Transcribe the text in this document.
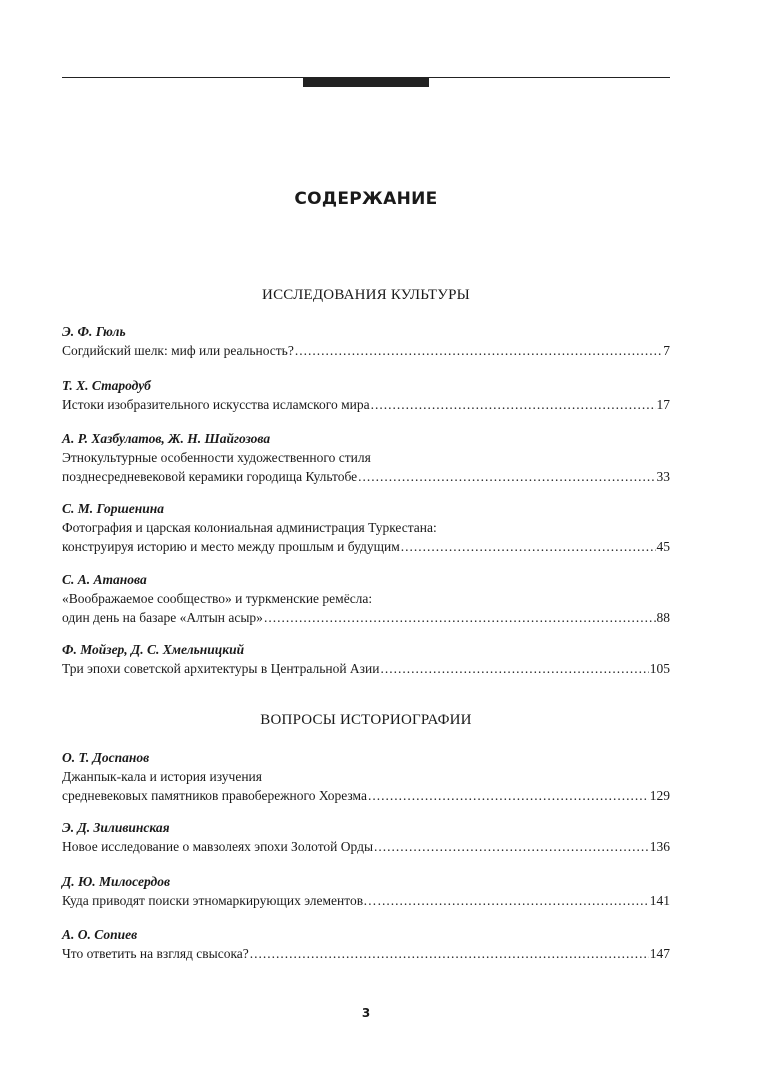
СОДЕРЖАНИЕ
ИССЛЕДОВАНИЯ КУЛЬТУРЫ
Э. Ф. Гюль
Согдийский шелк: миф или реальность? .....	7
Т. Х. Стародуб
Истоки изобразительного искусства исламского мира .....	17
А. Р. Хазбулатов, Ж. Н. Шайгозова
Этнокультурные особенности художественного стиля
позднесредневековой керамики городища Культобе .....	33
С. М. Горшенина
Фотография и царская колониальная администрация Туркестана:
конструируя историю и место между прошлым и будущим .....	45
С. А. Атанова
«Воображаемое сообщество» и туркменские ремёсла:
один день на базаре «Алтын асыр» .....	88
Ф. Мойзер, Д. С. Хмельницкий
Три эпохи советской архитектуры в Центральной Азии .....	105
ВОПРОСЫ ИСТОРИОГРАФИИ
О. Т. Доспанов
Джанпык-кала и история изучения
средневековых памятников правобережного Хорезма .....	129
Э. Д. Зиливинская
Новое исследование о мавзолеях эпохи Золотой Орды .....	136
Д. Ю. Милосердов
Куда приводят поиски этномаркирующих элементов… .....	141
А. О. Сопиев
Что ответить на взгляд свысока? .....	147
3
